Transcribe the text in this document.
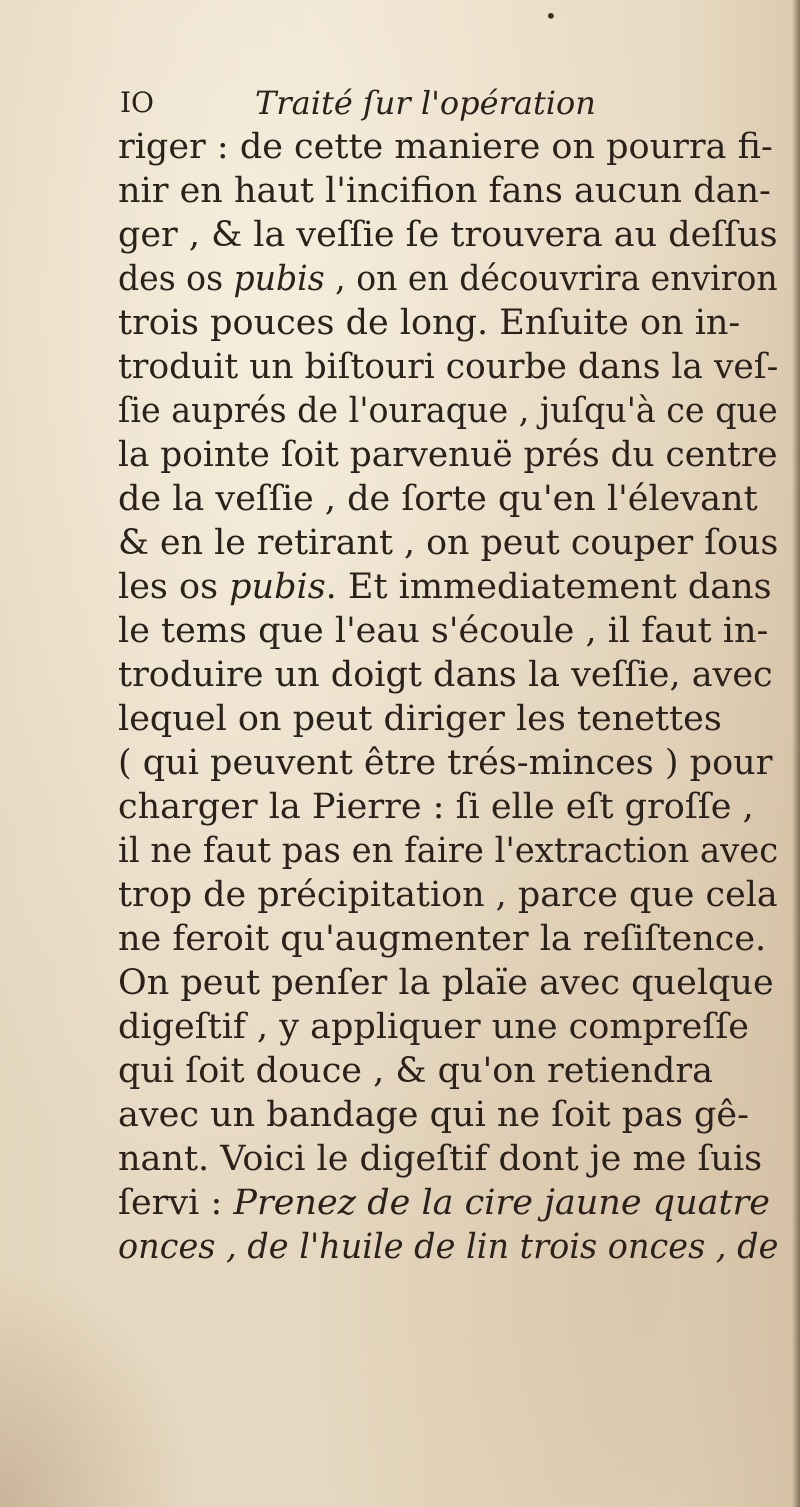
•
IO	Traité ſur l'opération
riger : de cette maniere on pourra fi-
nir en haut l'incifion fans aucun dan-
ger , & la veſſie ſe trouvera au deſſus
des os pubis , on en découvrira environ
trois pouces de long. Enſuite on in-
troduit un biſtouri courbe dans la veſ-
ſie auprés de l'ouraque , juſqu'à ce que
la pointe ſoit parvenuë prés du centre
de la veſſie , de ſorte qu'en l'élevant
& en le retirant , on peut couper ſous
les os pubis. Et immediatement dans
le tems que l'eau s'écoule , il faut in-
troduire un doigt dans la veſſie, avec
lequel on peut diriger les tenettes
( qui peuvent être trés-minces ) pour
charger la Pierre : ſi elle eſt groſſe ,
il ne faut pas en faire l'extraction avec
trop de précipitation , parce que cela
ne feroit qu'augmenter la reſiſtence.
On peut penſer la plaïe avec quelque
digeſtif , y appliquer une compreſſe
qui ſoit douce , & qu'on retiendra
avec un bandage qui ne ſoit pas gê-
nant. Voici le digeſtif dont je me ſuis
ſervi : Prenez de la cire jaune quatre
onces , de l'huile de lin trois onces , de
